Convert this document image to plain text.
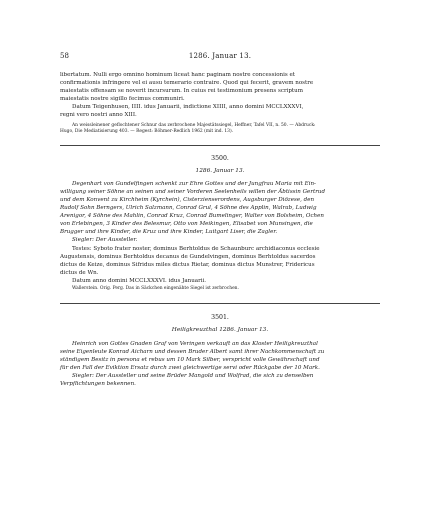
58	1286. Januar 13.

libertatum. Nulli ergo omnino hominum liceat hanc paginam nostre concessionis et

confirmationis infringere vel ei ausu temerario contraire. Quod qui fecerit, gravem nostre

maiestatis offensam se noverit incursurum. In cuius rei testimonium presens scriptum

maiestatis nostre sigillo fecimus communiri.

Datum Teigenhusen, IIII. idus Januarii, indictione XIIII, anno domini MCCLXXXVI,

regni vero nostri anno XIII.

An weissleinener geflochtener Schnur das zerbrochene Majestätssiegel, Heffner, Tafel VII, n. 50. — Abdruck:

Hugo, Die Mediatisierung 403. — Regest: Böhmer-Redlich 1962 (mit ind. 13).

3500.
1286. Januar 13.

Degenhart von Gundelfingen schenkt zur Ehre Gottes und der Jungfrau Maria mit Ein-

willigung seiner Söhne an seinen und seiner Vorderen Seelenheils willen der Äbtissin Gertrud

und dem Konvent zu Kirchheim (Kyrchein), Cisterzienserordens, Augsburger Diözese, den

Rudolf Sohn Berngers, Ulrich Salzmann, Conrad Grul, 4 Söhne des Applin, Walrab, Ludwig

Arenigor, 4 Söhne des Mahlin, Conrad Kruz, Conrad Bumelinger, Walter von Bolsheim, Ochen

von Erlebingen, 3 Kinder des Belesmur, Otto von Meikingen, Elisabet von Munsingen, die

Brugger und ihre Kinder, die Kruz und ihre Kinder, Luitgart Liser, die Zagler.

Siegler: Der Aussteller.

Testes: Syboto frater noster, dominus Berhtoldus de Schaunburc archidiaconus ecclesie

Augustensis, dominus Berhtoldus decanus de Gundelvingen, dominus Berhtoldus sacerdos

dictus de Keize, dominus Sifridus miles dictus Rietar, dominus dictus Munstrer, Fridericus

dictus de Wn.

Datum anno domini MCCLXXXVI. idus Januarii.

Wallerstein. Orig. Perg. Das in Säckchen eingenähte Siegel ist zerbrochen.

3501.
Heiligkreuzthal 1286. Januar 13.

Heinrich von Gottes Gnaden Graf von Veringen verkauft an das Kloster Heiligkreuzthal

seine Eigenleute Konrad Aicharn und dessen Bruder Albert samt ihrer Nachkommenschaft zu

ständigem Besitz in persona et rebus um 10 Mark Silber, verspricht volle Gewährschaft und

für den Fall der Eviktion Ersatz durch zwei gleichwertige servi oder Rückgabe der 10 Mark.

Siegler: Der Aussteller und seine Brüder Mangold und Wolfrad, die sich zu denselben

Verpflichtungen bekennen.
